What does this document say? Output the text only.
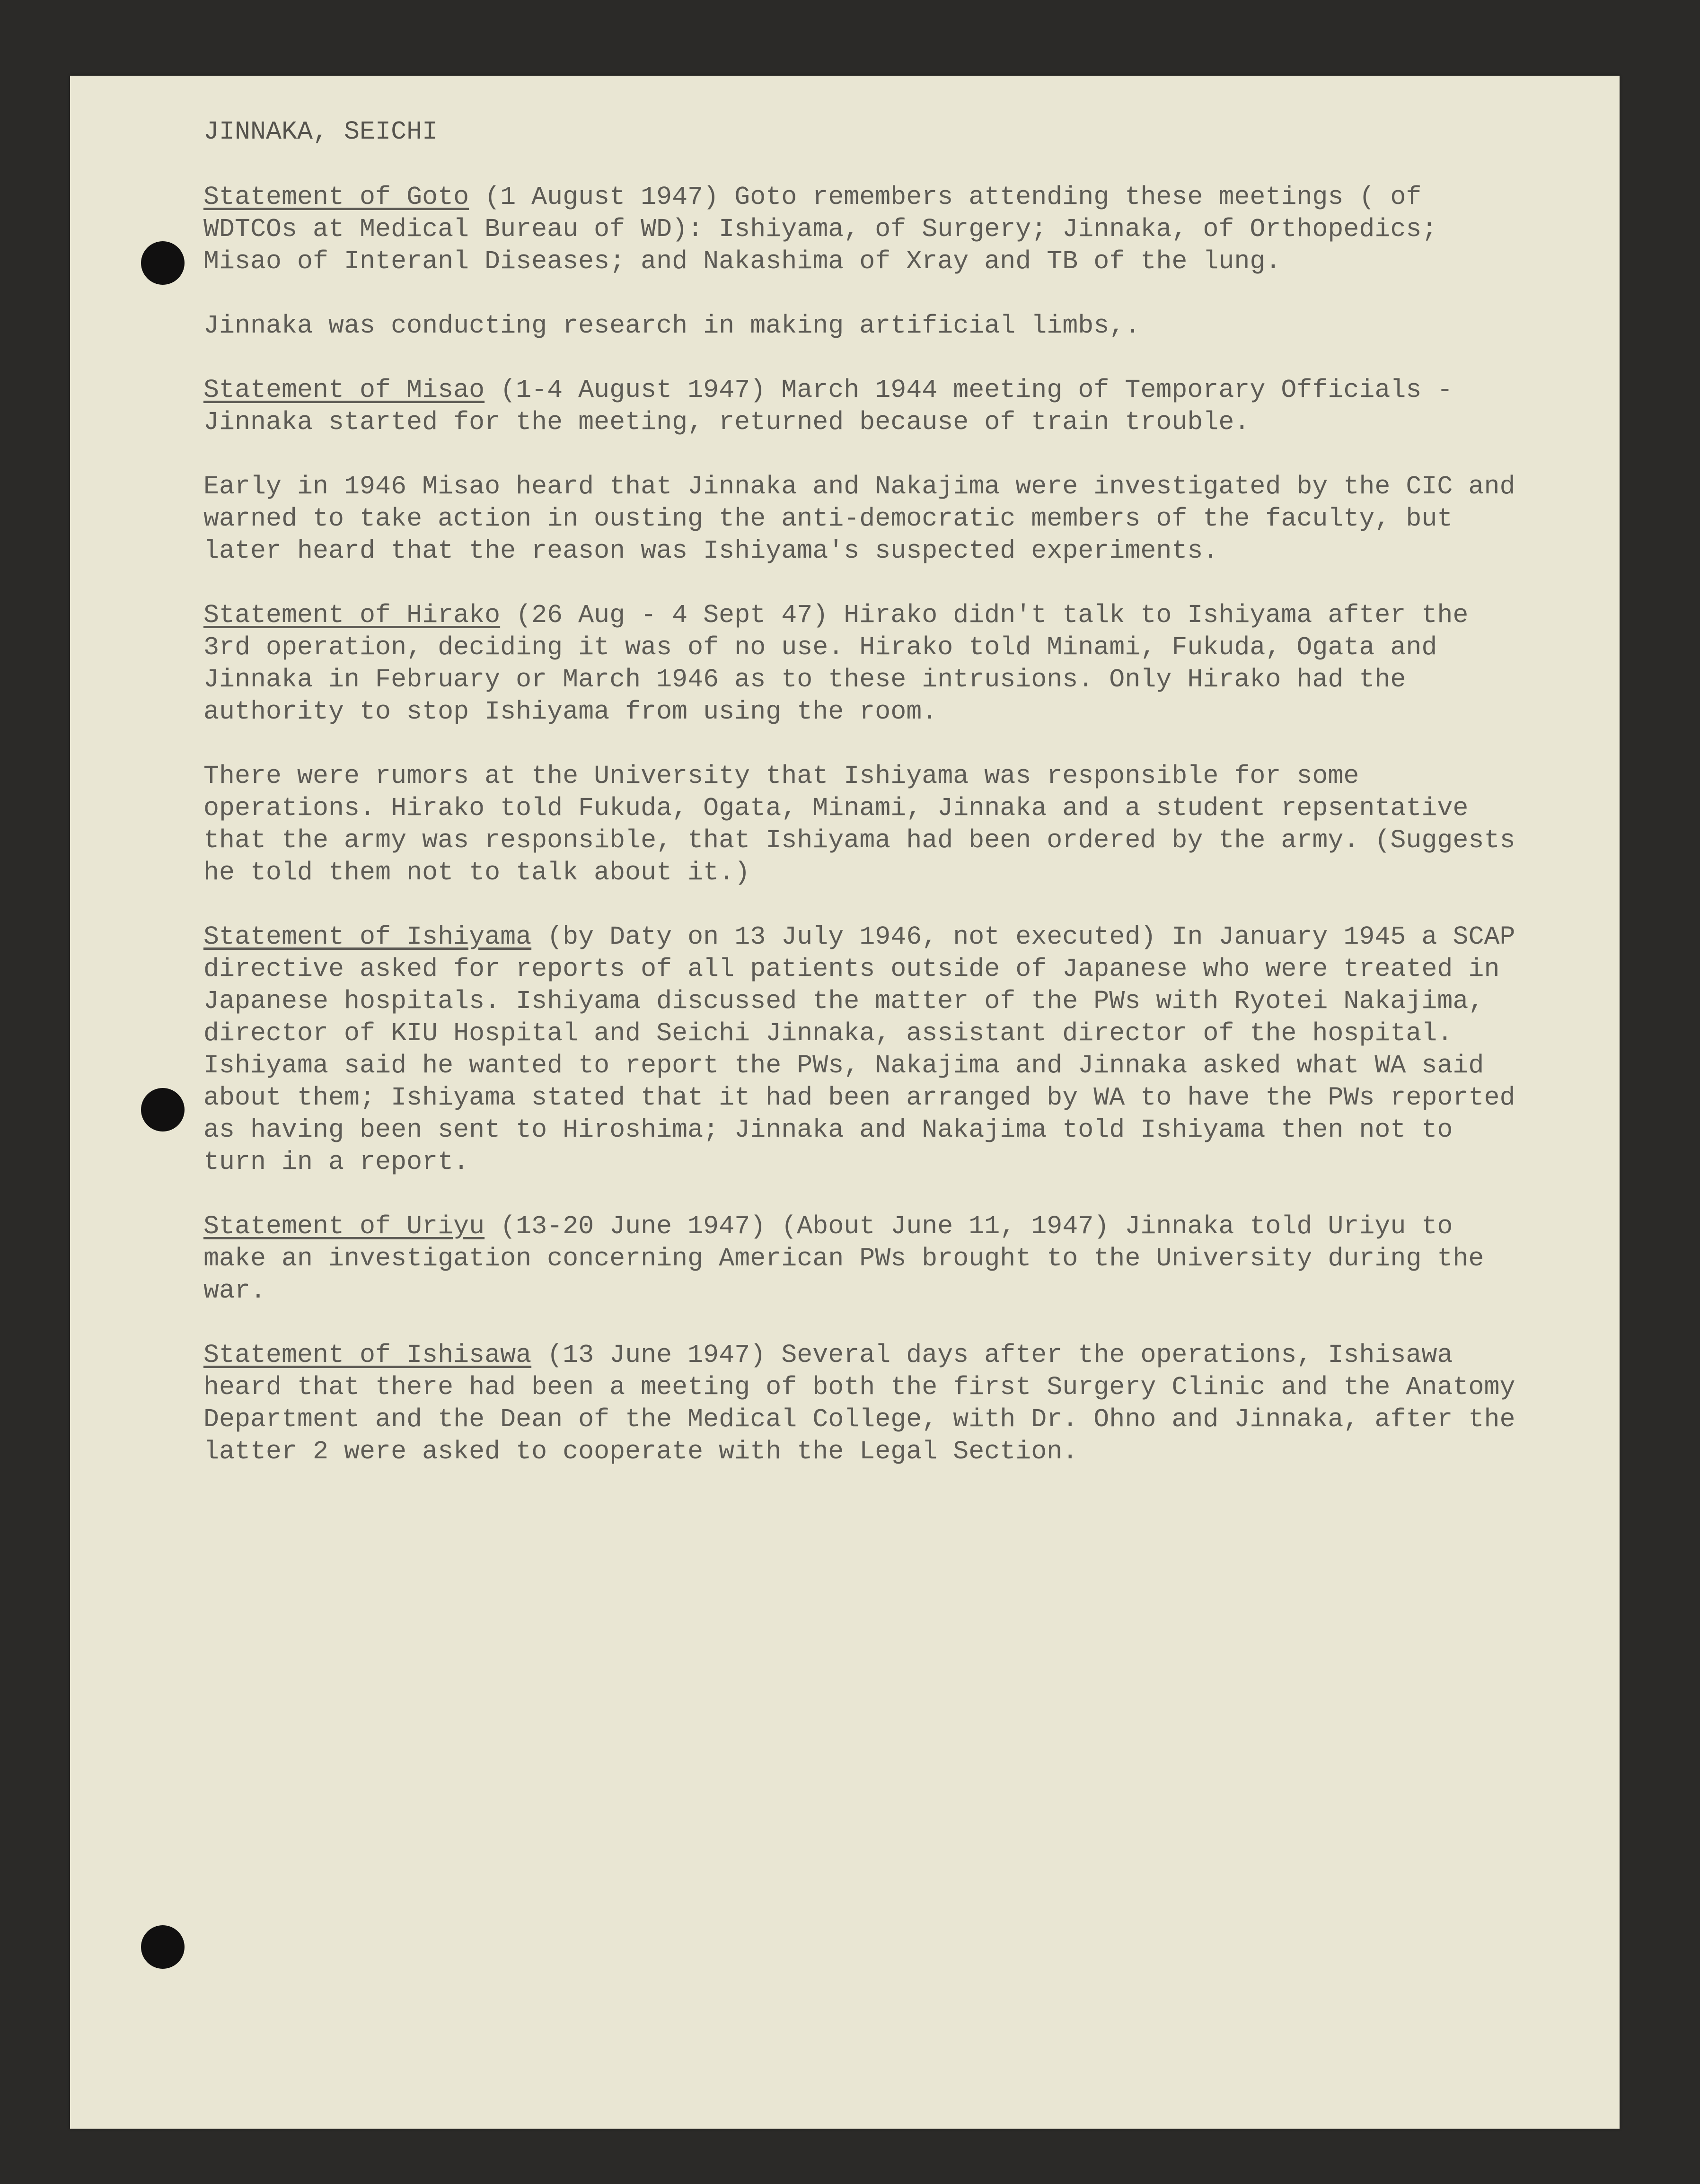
JINNAKA, SEICHI

Statement of Goto (1 August 1947) Goto remembers attending these meetings ( of WDTCOs at Medical Bureau of WD): Ishiyama, of Surgery; Jinnaka, of Orthopedics; Misao of Interanl Diseases; and Nakashima of Xray and TB of the lung.

Jinnaka was conducting research in making artificial limbs,.

Statement of Misao (1-4 August 1947) March 1944 meeting of Temporary Officials - Jinnaka started for the meeting, returned because of train trouble.

Early in 1946 Misao heard that Jinnaka and Nakajima were investigated by the CIC and warned to take action in ousting the anti-democratic members of the faculty, but later heard that the reason was Ishiyama's suspected experiments.

Statement of Hirako (26 Aug - 4 Sept 47) Hirako didn't talk to Ishiyama after the 3rd operation, deciding it was of no use. Hirako told Minami, Fukuda, Ogata and Jinnaka in February or March 1946 as to these intrusions. Only Hirako had the authority to stop Ishiyama from using the room.

There were rumors at the University that Ishiyama was responsible for some operations. Hirako told Fukuda, Ogata, Minami, Jinnaka and a student repsentative that the army was responsible, that Ishiyama had been ordered by the army. (Suggests he told them not to talk about it.)

Statement of Ishiyama (by Daty on 13 July 1946, not executed) In January 1945 a SCAP directive asked for reports of all patients outside of Japanese who were treated in Japanese hospitals. Ishiyama discussed the matter of the PWs with Ryotei Nakajima, director of KIU Hospital and Seichi Jinnaka, assistant director of the hospital. Ishiyama said he wanted to report the PWs, Nakajima and Jinnaka asked what WA said about them; Ishiyama stated that it had been arranged by WA to have the PWs reported as having been sent to Hiroshima; Jinnaka and Nakajima told Ishiyama then not to turn in a report.

Statement of Uriyu (13-20 June 1947) (About June 11, 1947) Jinnaka told Uriyu to make an investigation concerning American PWs brought to the University during the war.

Statement of Ishisawa (13 June 1947) Several days after the operations, Ishisawa heard that there had been a meeting of both the first Surgery Clinic and the Anatomy Department and the Dean of the Medical College, with Dr. Ohno and Jinnaka, after the latter 2 were asked to cooperate with the Legal Section.
